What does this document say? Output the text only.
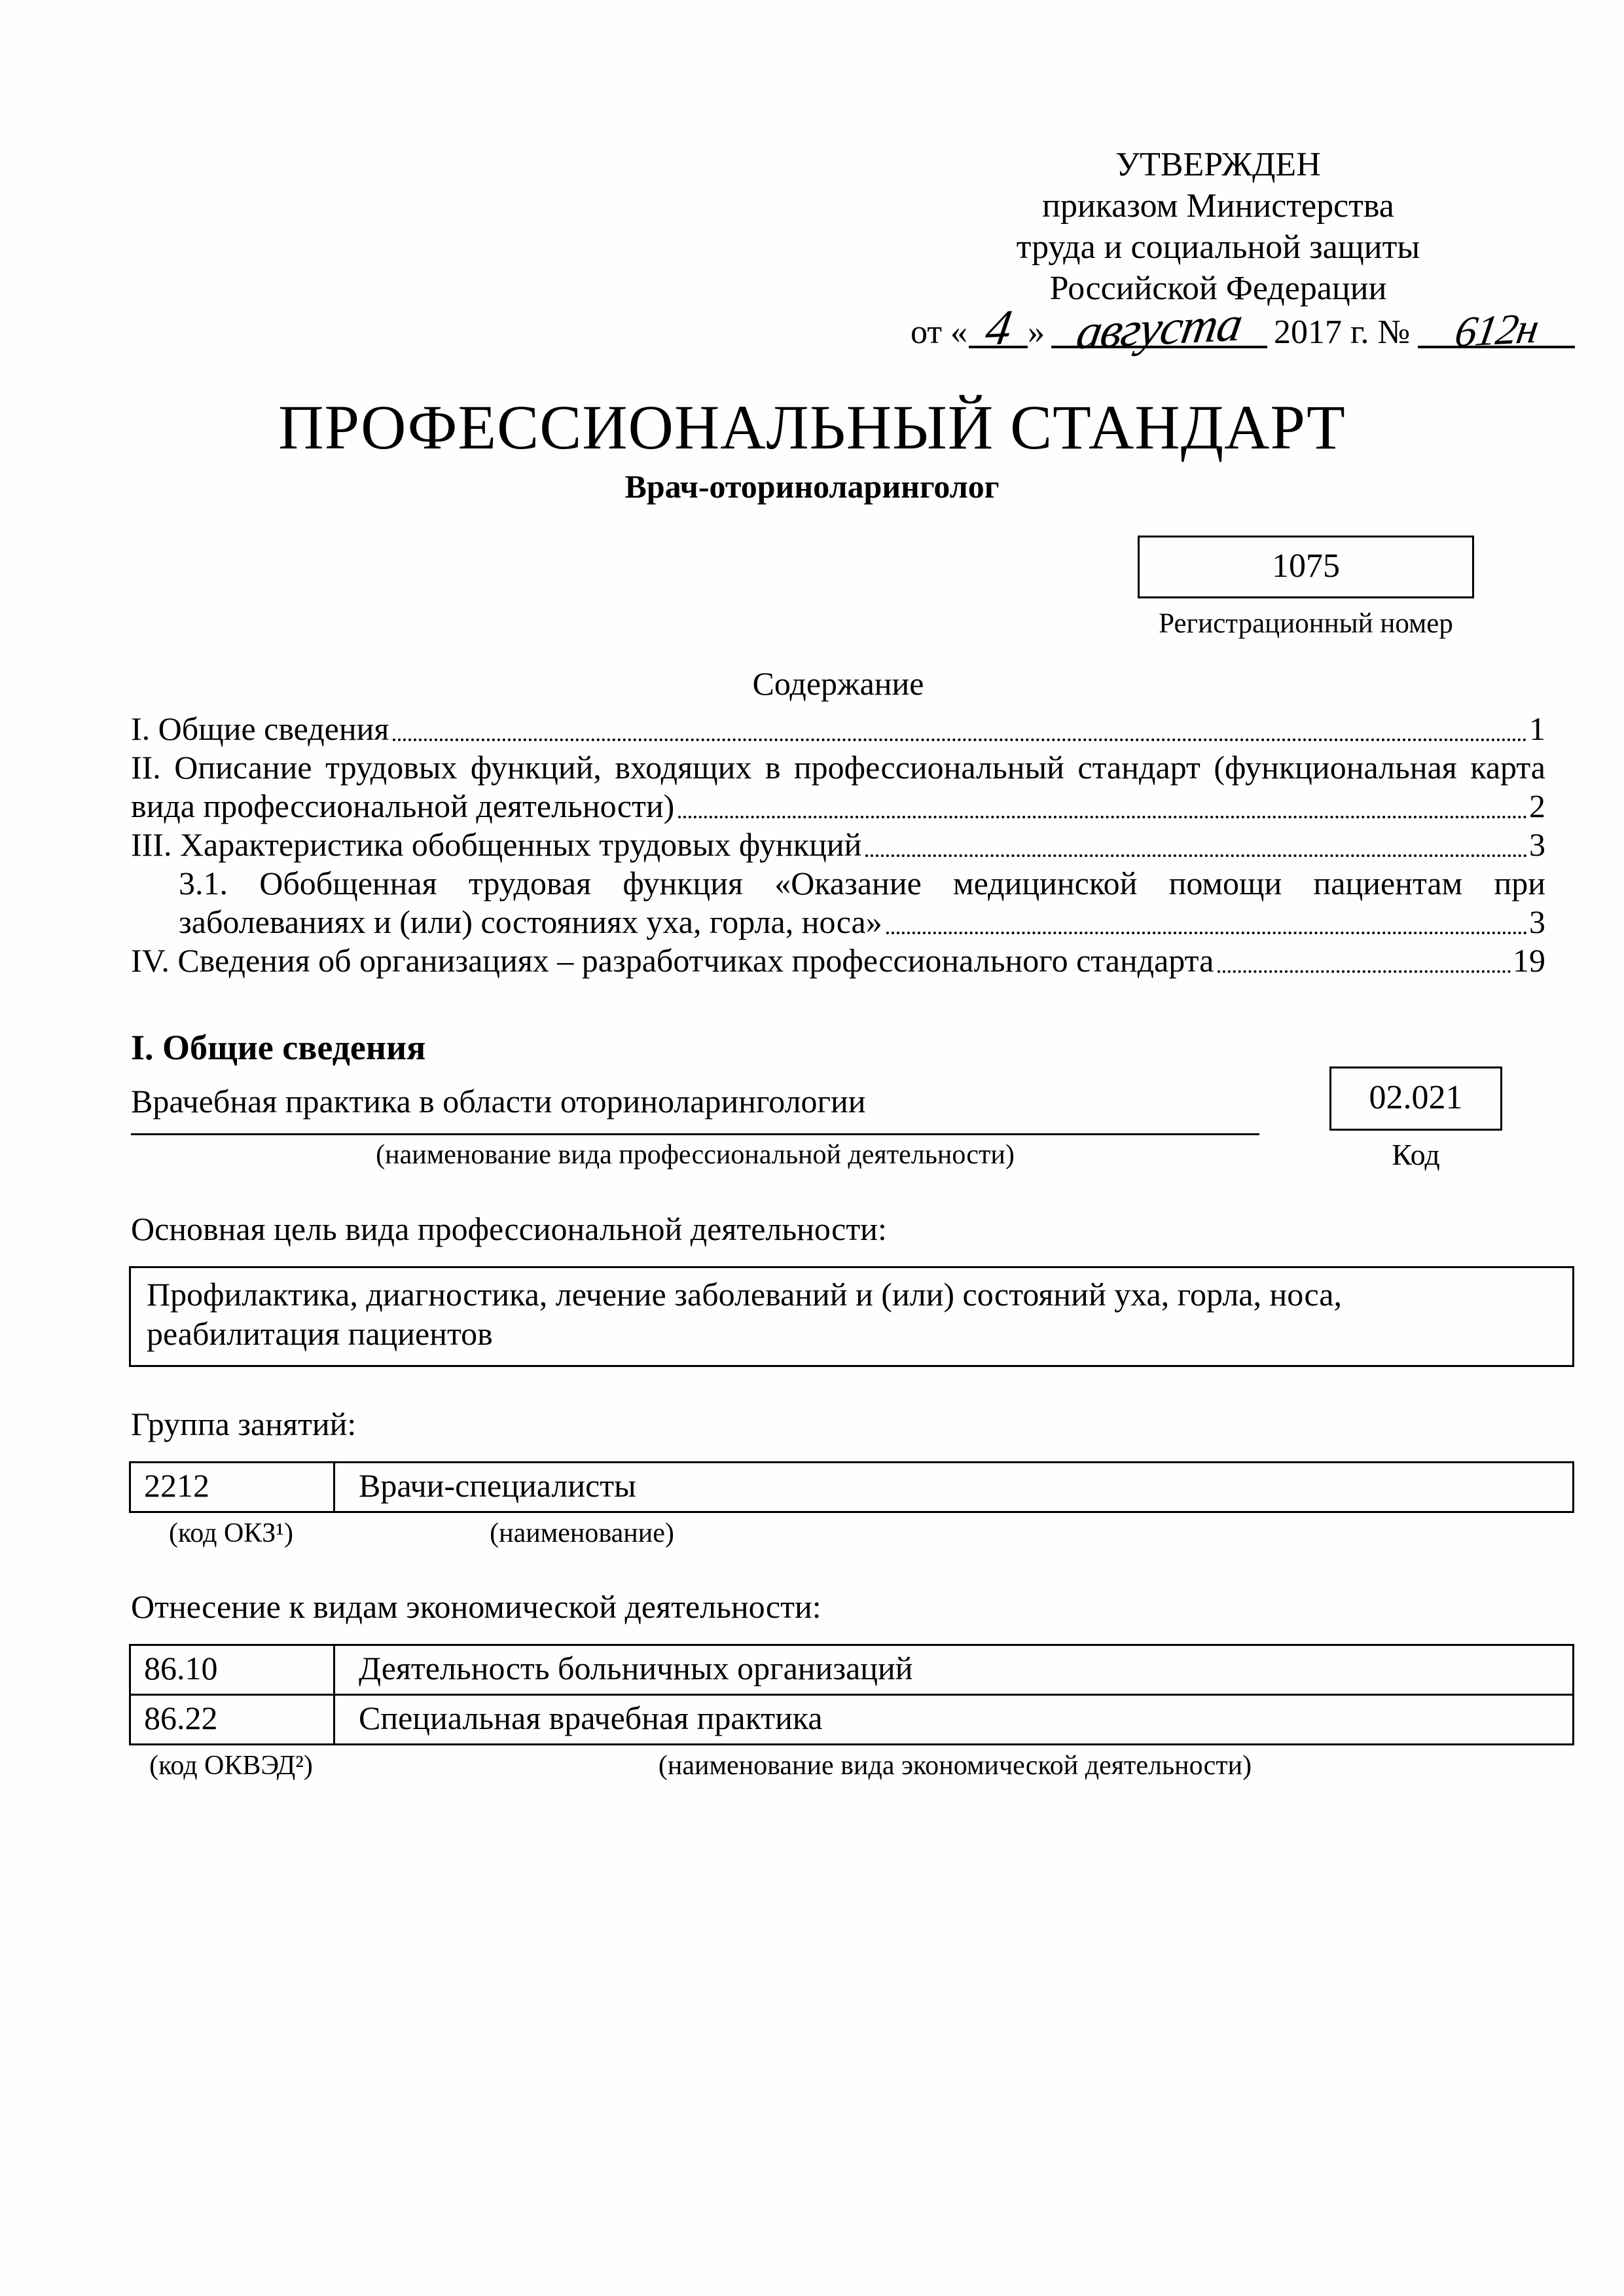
УТВЕРЖДЕН
приказом Министерства
труда и социальной защиты
Российской Федерации
от « 4 » августа 2017 г. № 612н
ПРОФЕССИОНАЛЬНЫЙ СТАНДАРТ
Врач-оториноларинголог
1075
Регистрационный номер
Содержание
I. Общие сведения	1
II. Описание трудовых функций, входящих в профессиональный стандарт (функциональная карта
вида профессиональной деятельности)	2
III. Характеристика обобщенных трудовых функций	3
3.1. Обобщенная трудовая функция «Оказание медицинской помощи пациентам при
заболеваниях и (или) состояниях уха, горла, носа»	3
IV. Сведения об организациях – разработчиках профессионального стандарта	19
I. Общие сведения
Врачебная практика в области оториноларингологии
(наименование вида профессиональной деятельности)
02.021
Код
Основная цель вида профессиональной деятельности:
Профилактика, диагностика, лечение заболеваний и (или) состояний уха, горла, носа,
реабилитация пациентов
Группа занятий:
2212	Врачи-специалисты
(код ОКЗ¹)	(наименование)
Отнесение к видам экономической деятельности:
86.10	Деятельность больничных организаций
86.22	Специальная врачебная практика
(код ОКВЭД²)	(наименование вида экономической деятельности)
